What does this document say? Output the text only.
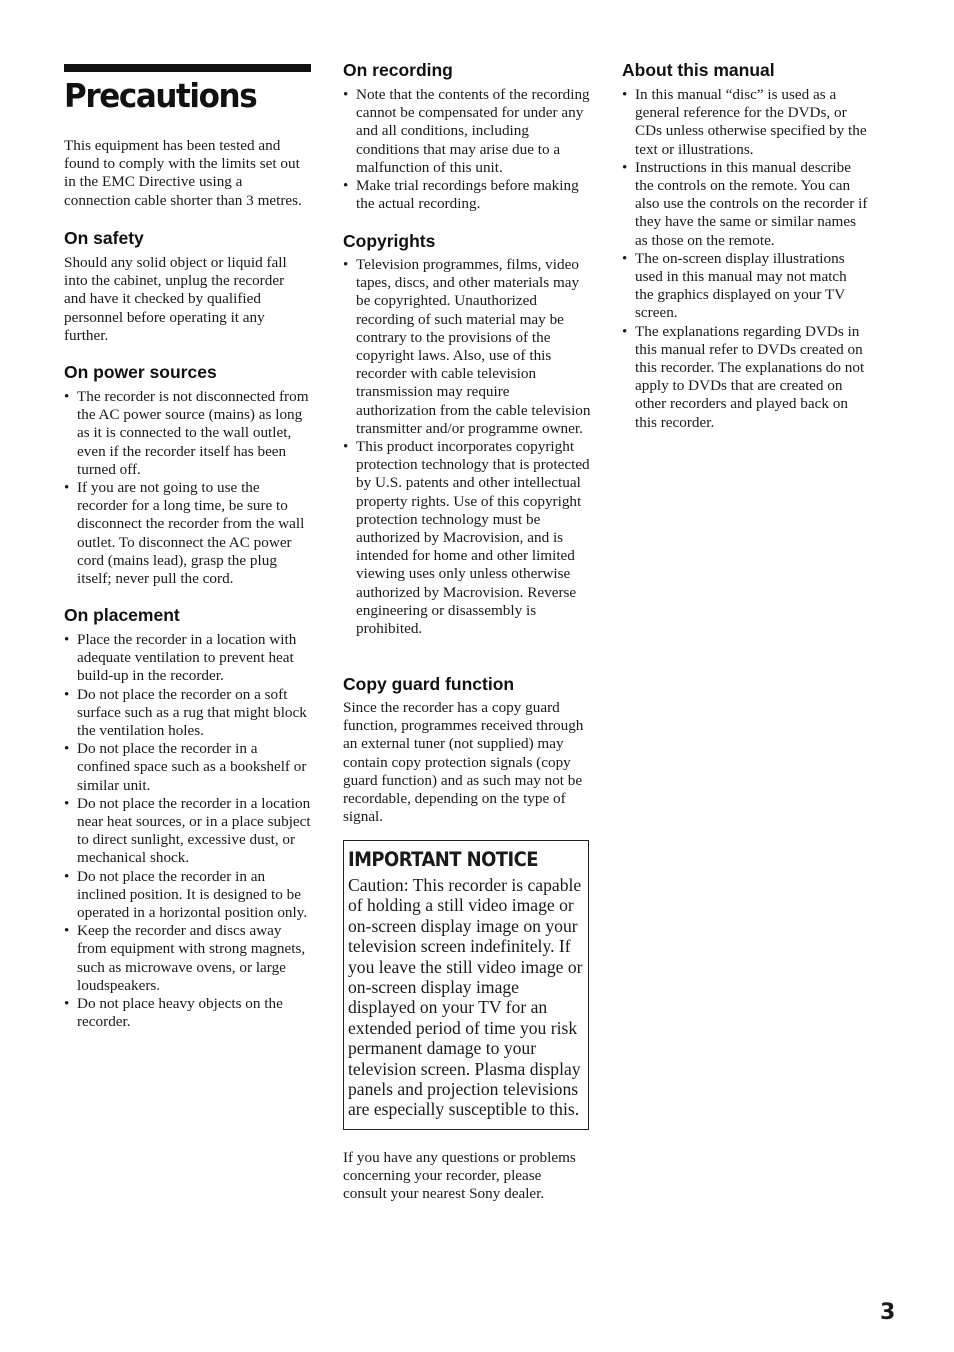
Precautions

This equipment has been tested and found to comply with the limits set out in the EMC Directive using a connection cable shorter than 3 metres.

On safety

Should any solid object or liquid fall into the cabinet, unplug the recorder and have it checked by qualified personnel before operating it any further.

On power sources
• The recorder is not disconnected from the AC power source (mains) as long as it is connected to the wall outlet, even if the recorder itself has been turned off.
• If you are not going to use the recorder for a long time, be sure to disconnect the recorder from the wall outlet. To disconnect the AC power cord (mains lead), grasp the plug itself; never pull the cord.
On placement
• Place the recorder in a location with adequate ventilation to prevent heat build-up in the recorder.
• Do not place the recorder on a soft surface such as a rug that might block the ventilation holes.
• Do not place the recorder in a confined space such as a bookshelf or similar unit.
• Do not place the recorder in a location near heat sources, or in a place subject to direct sunlight, excessive dust, or mechanical shock.
• Do not place the recorder in an inclined position. It is designed to be operated in a horizontal position only.
• Keep the recorder and discs away from equipment with strong magnets, such as microwave ovens, or large loudspeakers.
• Do not place heavy objects on the recorder.
On recording
• Note that the contents of the recording cannot be compensated for under any and all conditions, including conditions that may arise due to a malfunction of this unit.
• Make trial recordings before making the actual recording.
Copyrights
• Television programmes, films, video tapes, discs, and other materials may be copyrighted. Unauthorized recording of such material may be contrary to the provisions of the copyright laws. Also, use of this recorder with cable television transmission may require authorization from the cable television transmitter and/or programme owner.
• This product incorporates copyright protection technology that is protected by U.S. patents and other intellectual property rights. Use of this copyright protection technology must be authorized by Macrovision, and is intended for home and other limited viewing uses only unless otherwise authorized by Macrovision. Reverse engineering or disassembly is prohibited.
Copy guard function

Since the recorder has a copy guard function, programmes received through an external tuner (not supplied) may contain copy protection signals (copy guard function) and as such may not be recordable, depending on the type of signal.

If you have any questions or problems concerning your recorder, please consult your nearest Sony dealer.

IMPORTANT NOTICE

Caution: This recorder is capable of holding a still video image or on-screen display image on your television screen indefinitely. If you leave the still video image or on-screen display image displayed on your TV for an extended period of time you risk permanent damage to your television screen. Plasma display panels and projection televisions are especially susceptible to this.

About this manual
• In this manual “disc” is used as a general reference for the DVDs, or CDs unless otherwise specified by the text or illustrations.
• Instructions in this manual describe the controls on the remote. You can also use the controls on the recorder if they have the same or similar names as those on the remote.
• The on-screen display illustrations used in this manual may not match the graphics displayed on your TV screen.
• The explanations regarding DVDs in this manual refer to DVDs created on this recorder. The explanations do not apply to DVDs that are created on other recorders and played back on this recorder.
3
